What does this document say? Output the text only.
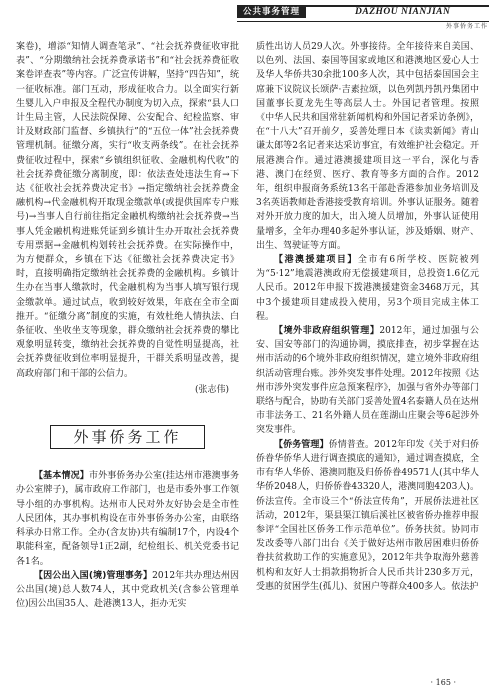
公共事务管理	DAZHOU NIANJIAN
外事侨务工作

案卷)，增添“知情人调查笔录”、“社会抚养费征收审批表”、“分期缴纳社会抚养费承诺书”和“社会抚养费征收案卷评查表”等内容。广泛宣传讲解，坚持“四告知”，统一征收标准。部门互动，形成征收合力。以全面实行新生婴儿入户申报及全程代办制度为切入点，探索“县人口计生局主管，人民法院保障、公安配合、纪检监察、审计及财政部门监督、乡镇执行”的“五位一体”社会抚养费管理机制。征缴分离，实行“收支两条线”。在社会抚养费征收过程中，探索“乡镇组织征收、金融机构代收”的社会抚养费征缴分离制度，即：依法查处违法生育→下达《征收社会抚养费决定书》→指定缴纳社会抚养费金融机构→代金融机构开取现金缴款单(或提供国库专户账号)→当事人自行前往指定金融机构缴纳社会抚养费→当事人凭金融机构进账凭证到乡镇计生办开取社会抚养费专用票据→金融机构划转社会抚养费。在实际操作中，为方便群众，乡镇在下达《征缴社会抚养费决定书》时，直接明确指定缴纳社会抚养费的金融机构。乡镇计生办在当事人缴款时，代金融机构为当事人填写银行现金缴款单。通过试点，收到较好效果，年底在全市全面推开。“征缴分离”制度的实施，有效杜绝人情执法、白条征收、坐收坐支等现象，群众缴纳社会抚养费的攀比观象明显转变，缴纳社会抚养费的自觉性明显提高，社会抚养费征收到位率明显提升，干群关系明显改善，提高政府部门和干部的公信力。

(张志伟)
外事侨务工作

【基本情况】市外事侨务办公室(挂达州市港澳事务办公室牌子)，属市政府工作部门，也是市委外事工作领导小组的办事机构。达州市人民对外友好协会是全市性人民团体，其办事机构设在市外事侨务办公室，由联络科承办日常工作。全办(含友协)共有编制17个，内设4个职能科室，配备领导1正2副，纪检组长、机关党委书记各1名。

【因公出入国(境)管理事务】2012年共办理达州因公出国(境)总人数74人，其中党政机关(含参公管理单位)因公出国35人、赴港澳13人，拒办无实

质性出访人员29人次。外事接待。全年接待来自美国、以色列、法国、泰国等国家或地区和港澳地区爱心人士及华人华侨共30余批100多人次，其中包括泰国国会主席兼下议院议长颂萨·吉素拉颂，以色列凯丹凯丹集团中国董事长夏龙先生等高层人士。外国记者管理。按照《中华人民共和国常驻新闻机构和外国记者采访条例》，在“十八大”召开前夕，妥善处理日本《读卖新闻》青山谦太郎等2名记者来达采访事宜，有效维护社会稳定。开展港澳合作。通过港澳援建项目这一平台，深化与香港、澳门在经贸、医疗、教育等多方面的合作。2012年，组织申报商务系统13名干部赴香港参加业务培训及3名英语教师赴香港接受教育培训。外事认证服务。随着对外开放力度的加大，出入境人员增加，外事认证使用量增多，全年办理40多起外事认证，涉及婚姻、财产、出生、驾驶证等方面。

【港澳援建项目】全市有6所学校、医院被列为“5·12”地震港澳政府无偿援建项目，总投资1.6亿元人民币。2012年申报下拨港澳援建资金3468万元，其中3个援建项目建成投入使用，另3个项目完成主体工程。

【境外非政府组织管理】2012年，通过加强与公安、国安等部门的沟通协调，摸底排查，初步掌握在达州市活动的6个境外非政府组织情况，建立境外非政府组织活动管理台账。涉外突发事件处理。2012年按照《达州市涉外突发事件应急预案程序》，加强与省外办等部门联络与配合，协助有关部门妥善处置4名泰籍人员在达州市非法务工、21名外籍人员在莲湖山庄聚会等6起涉外突发事件。

【侨务管理】侨情普查。2012年印发《关于对归侨侨眷华侨华人进行调查摸底的通知》，通过调查摸底，全市有华人华侨、港澳同胞及归侨侨眷49571人(其中华人华侨2048人，归侨侨眷43320人，港澳同胞4203人)。侨法宣传。全市设三个“侨法宣传角”，开展侨法进社区活动，2012年，渠县渠江镇后溪社区被省侨办推荐申报参评“全国社区侨务工作示范单位”。侨务扶贫。协同市发改委等八部门出台《关于做好达州市散居困难归侨侨眷扶贫救助工作的实施意见》，2012年共争取海外慈善机构和友好人士捐款捐物折合人民币共计230多万元，受惠的贫困学生(孤儿)、贫困户等群众400多人。依法护

· 165 ·
